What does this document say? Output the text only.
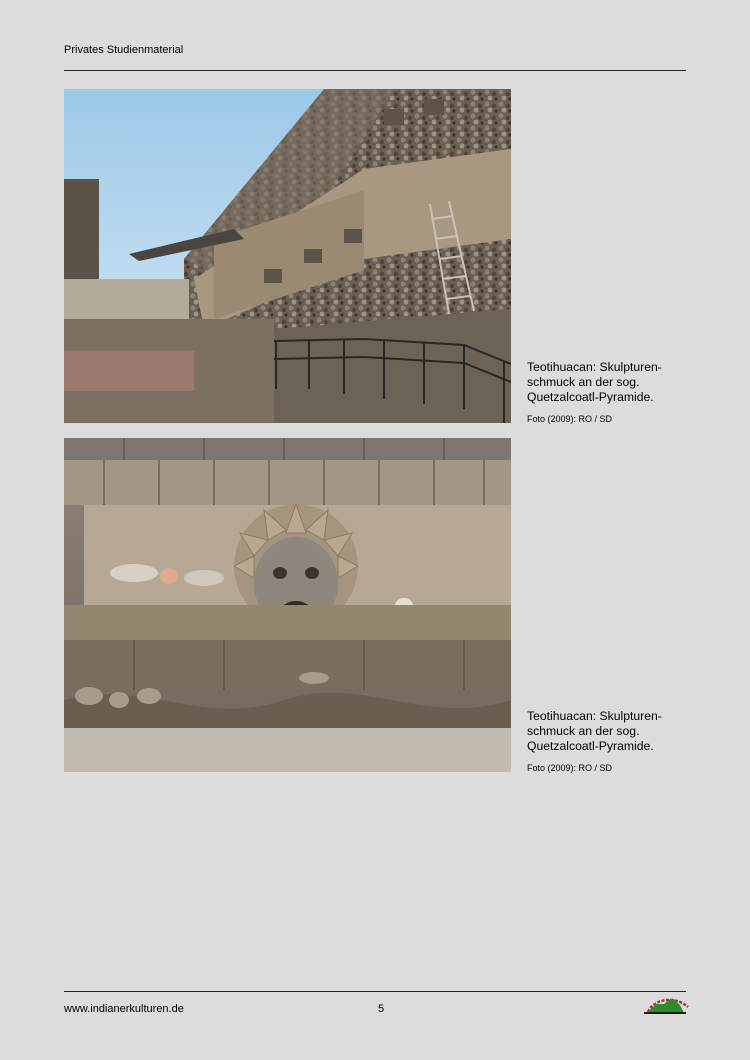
Privates Studienmaterial
Teotihuacan: Skulpturen-
schmuck an der sog.
Quetzalcoatl-Pyramide.
Foto (2009): RO / SD
Teotihuacan: Skulpturen-
schmuck an der sog.
Quetzalcoatl-Pyramide.
Foto (2009): RO / SD
www.indianerkulturen.de	5
